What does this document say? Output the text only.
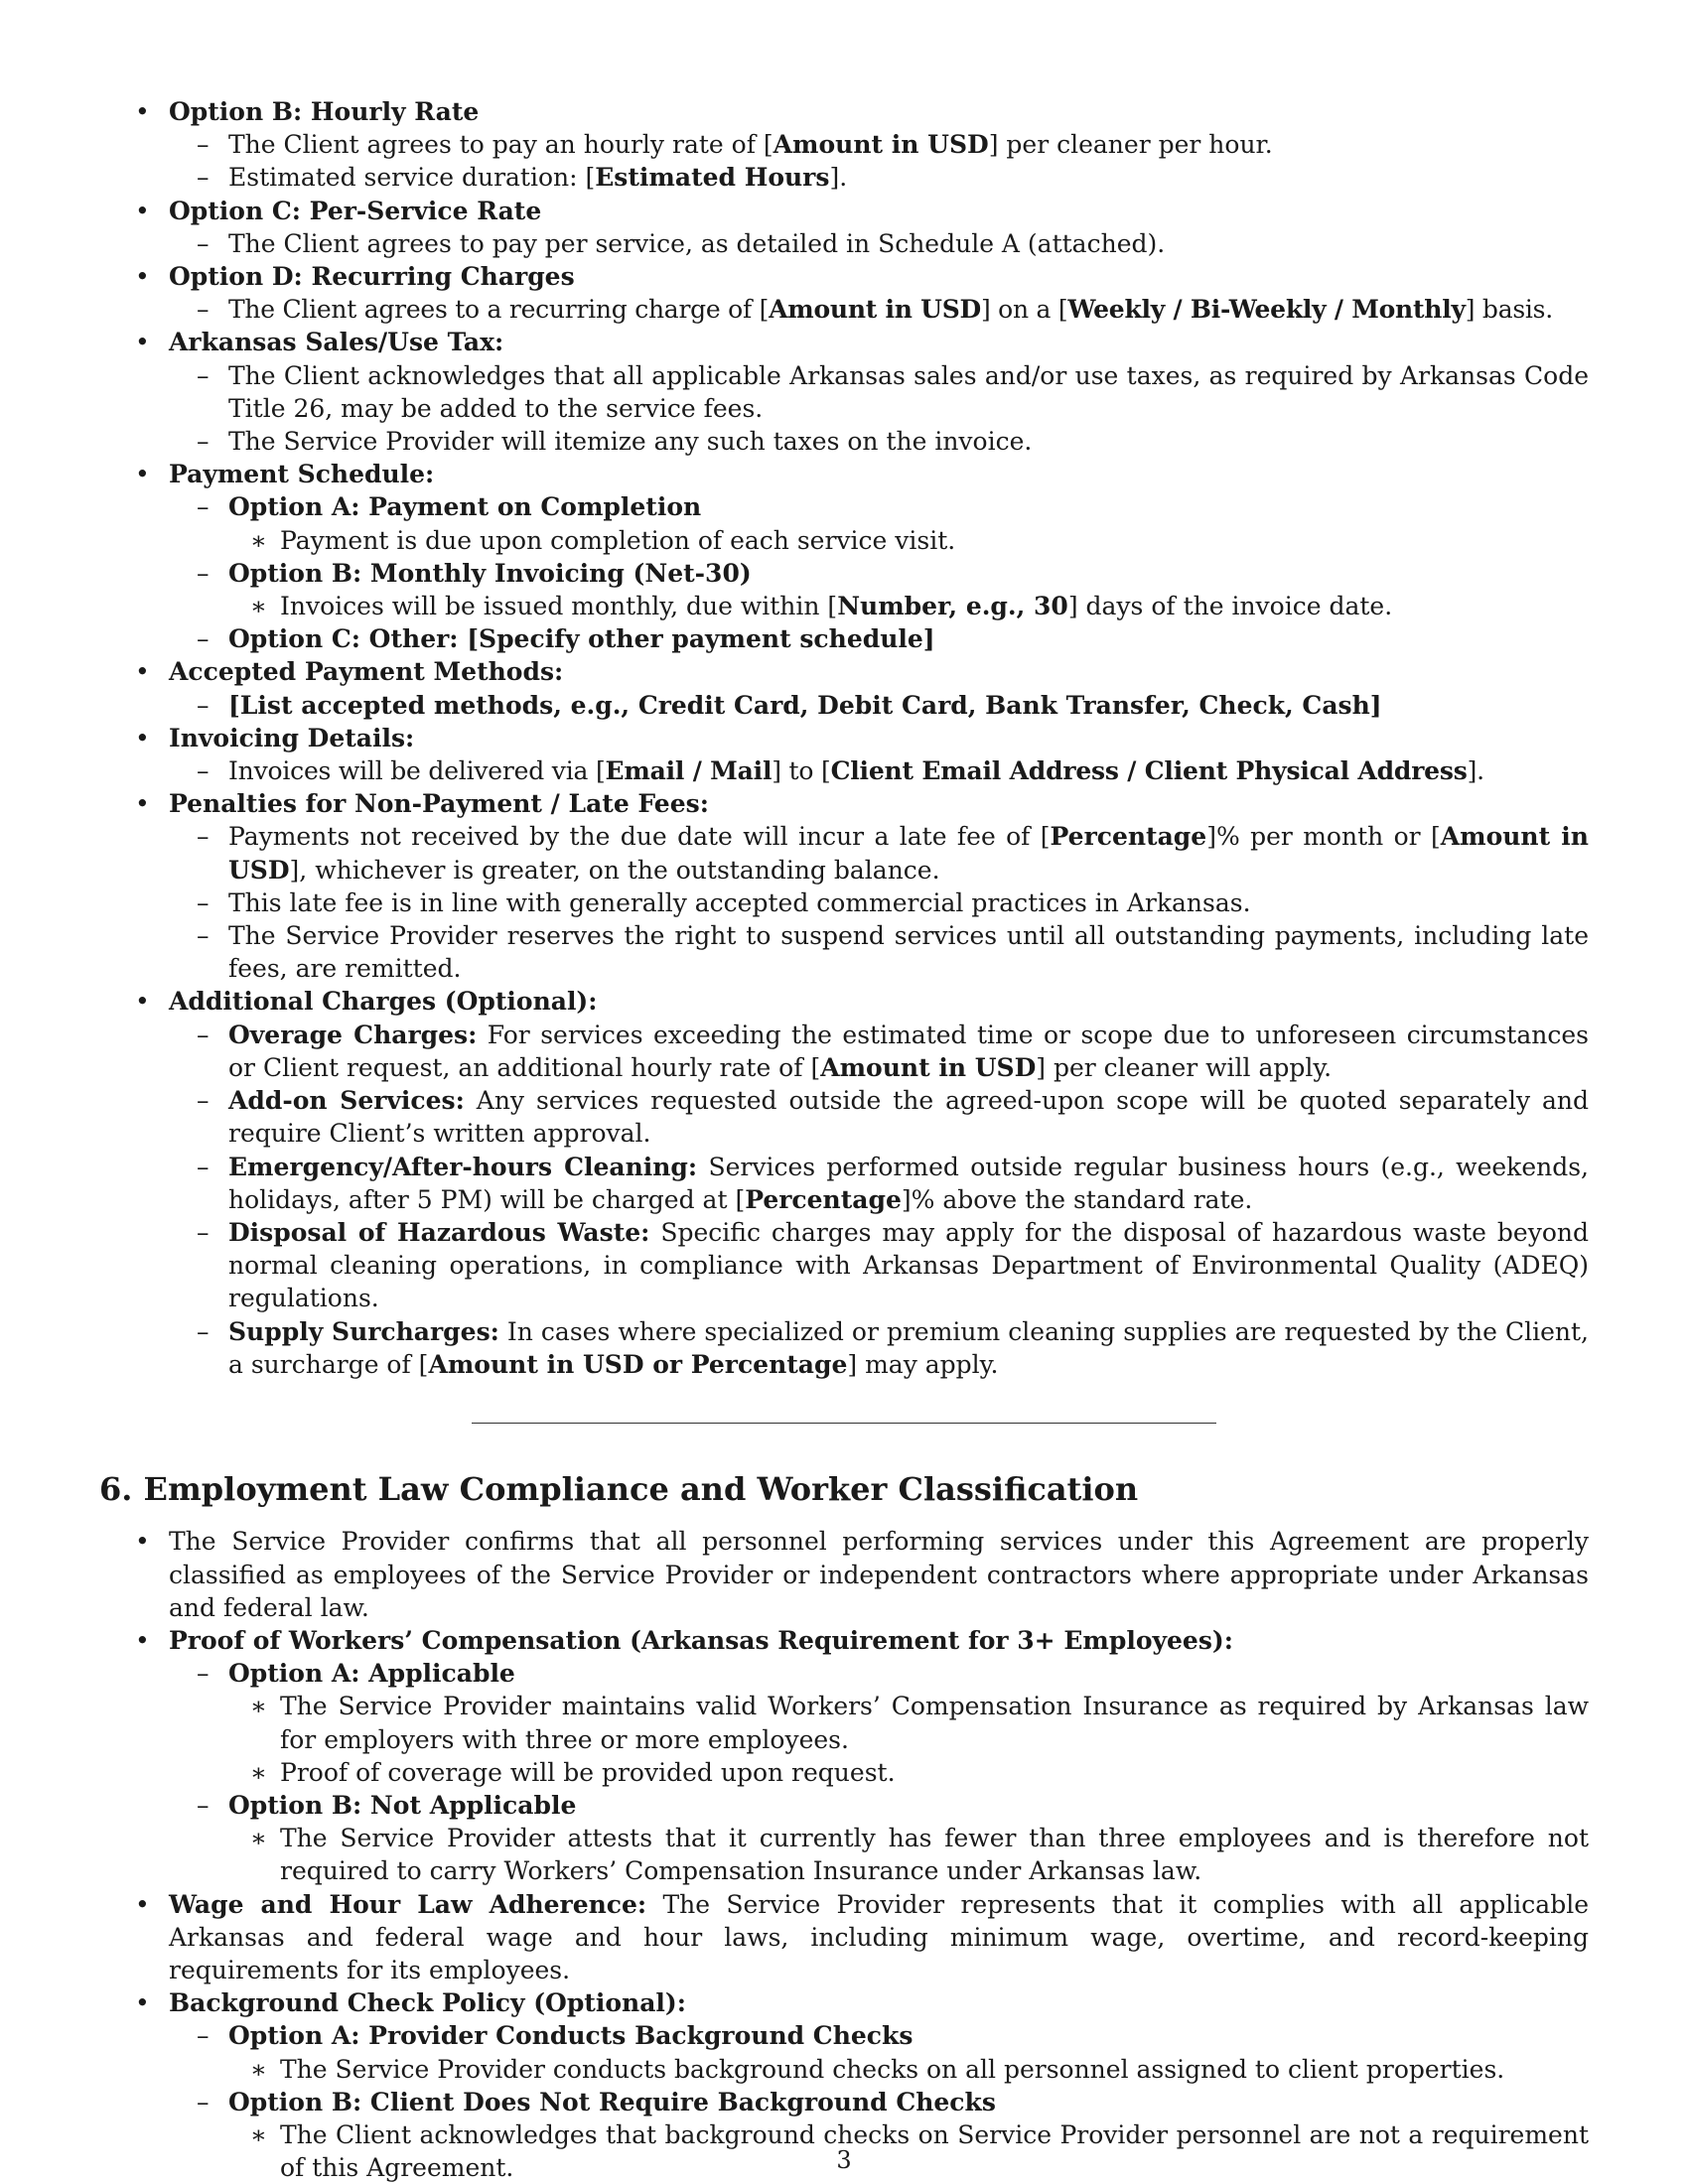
• Option B: Hourly Rate
– The Client agrees to pay an hourly rate of [Amount in USD] per cleaner per hour.
– Estimated service duration: [Estimated Hours].
• Option C: Per-Service Rate
– The Client agrees to pay per service, as detailed in Schedule A (attached).
• Option D: Recurring Charges
– The Client agrees to a recurring charge of [Amount in USD] on a [Weekly / Bi-Weekly / Monthly] basis.
• Arkansas Sales/Use Tax:
– The Client acknowledges that all applicable Arkansas sales and/or use taxes, as required by Arkansas Code Title 26, may be added to the service fees.
– The Service Provider will itemize any such taxes on the invoice.
• Payment Schedule:
– Option A: Payment on Completion
∗ Payment is due upon completion of each service visit.
– Option B: Monthly Invoicing (Net-30)
∗ Invoices will be issued monthly, due within [Number, e.g., 30] days of the invoice date.
– Option C: Other: [Specify other payment schedule]
• Accepted Payment Methods:
– [List accepted methods, e.g., Credit Card, Debit Card, Bank Transfer, Check, Cash]
• Invoicing Details:
– Invoices will be delivered via [Email / Mail] to [Client Email Address / Client Physical Address].
• Penalties for Non-Payment / Late Fees:
– Payments not received by the due date will incur a late fee of [Percentage]% per month or [Amount in USD], whichever is greater, on the outstanding balance.
– This late fee is in line with generally accepted commercial practices in Arkansas.
– The Service Provider reserves the right to suspend services until all outstanding payments, including late fees, are remitted.
• Additional Charges (Optional):
– Overage Charges: For services exceeding the estimated time or scope due to unforeseen circumstances or Client request, an additional hourly rate of [Amount in USD] per cleaner will apply.
– Add-on Services: Any services requested outside the agreed-upon scope will be quoted separately and require Client’s written approval.
– Emergency/After-hours Cleaning: Services performed outside regular business hours (e.g., weekends, holidays, after 5 PM) will be charged at [Percentage]% above the standard rate.
– Disposal of Hazardous Waste: Specific charges may apply for the disposal of hazardous waste beyond normal cleaning operations, in compliance with Arkansas Department of Environmental Quality (ADEQ) regulations.
– Supply Surcharges: In cases where specialized or premium cleaning supplies are requested by the Client, a surcharge of [Amount in USD or Percentage] may apply.
6. Employment Law Compliance and Worker Classification
• The Service Provider confirms that all personnel performing services under this Agreement are properly classified as employees of the Service Provider or independent contractors where appropriate under Arkansas and federal law.
• Proof of Workers’ Compensation (Arkansas Requirement for 3+ Employees):
– Option A: Applicable
∗ The Service Provider maintains valid Workers’ Compensation Insurance as required by Arkansas law for employers with three or more employees.
∗ Proof of coverage will be provided upon request.
– Option B: Not Applicable
∗ The Service Provider attests that it currently has fewer than three employees and is therefore not required to carry Workers’ Compensation Insurance under Arkansas law.
• Wage and Hour Law Adherence: The Service Provider represents that it complies with all applicable Arkansas and federal wage and hour laws, including minimum wage, overtime, and record-keeping requirements for its employees.
• Background Check Policy (Optional):
– Option A: Provider Conducts Background Checks
∗ The Service Provider conducts background checks on all personnel assigned to client properties.
– Option B: Client Does Not Require Background Checks
∗ The Client acknowledges that background checks on Service Provider personnel are not a requirement of this Agreement.	3
